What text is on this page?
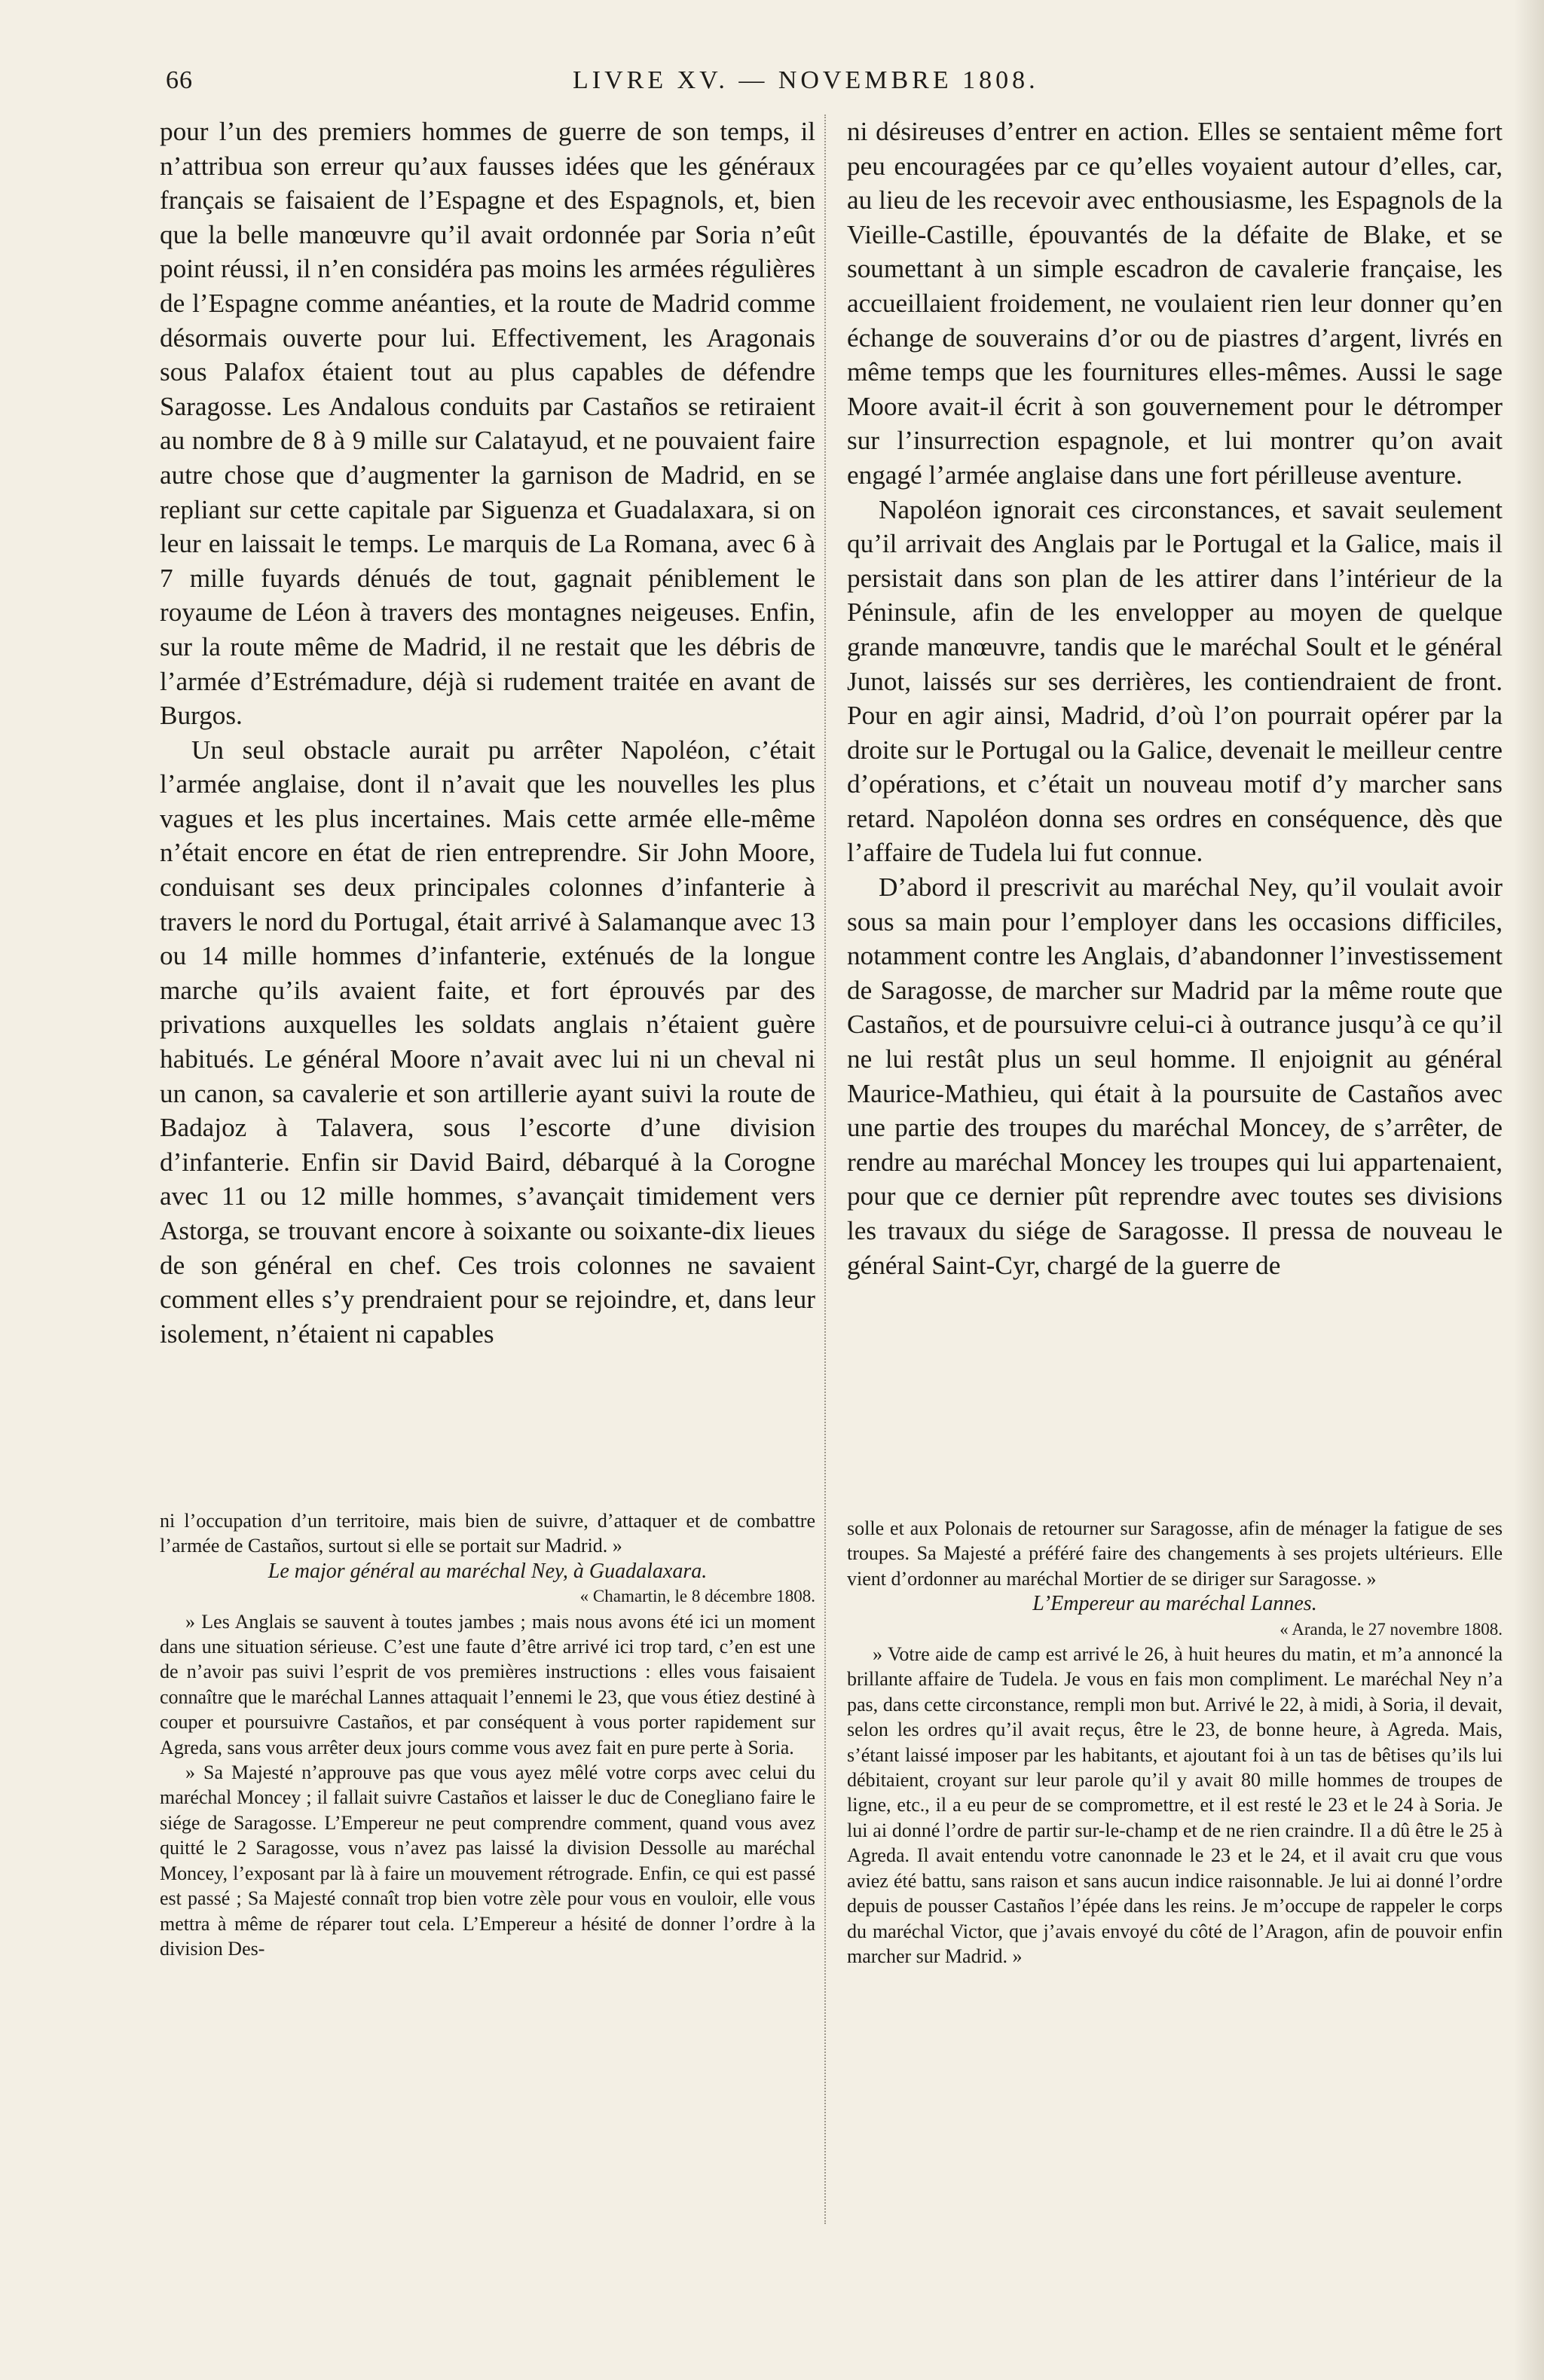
66	LIVRE XV. — NOVEMBRE 1808.

pour l’un des premiers hommes de guerre de son temps, il n’attribua son erreur qu’aux fausses idées que les généraux français se faisaient de l’Espagne et des Espagnols, et, bien que la belle manœuvre qu’il avait ordonnée par Soria n’eût point réussi, il n’en considéra pas moins les armées régulières de l’Espagne comme anéanties, et la route de Madrid comme désormais ouverte pour lui. Effectivement, les Aragonais sous Palafox étaient tout au plus capables de défendre Saragosse. Les Andalous conduits par Castaños se retiraient au nombre de 8 à 9 mille sur Calatayud, et ne pouvaient faire autre chose que d’augmenter la garnison de Madrid, en se repliant sur cette capitale par Siguenza et Guadalaxara, si on leur en laissait le temps. Le marquis de La Romana, avec 6 à 7 mille fuyards dénués de tout, gagnait péniblement le royaume de Léon à travers des montagnes neigeuses. Enfin, sur la route même de Madrid, il ne restait que les débris de l’armée d’Estrémadure, déjà si rudement traitée en avant de Burgos.

Un seul obstacle aurait pu arrêter Napoléon, c’était l’armée anglaise, dont il n’avait que les nouvelles les plus vagues et les plus incertaines. Mais cette armée elle-même n’était encore en état de rien entreprendre. Sir John Moore, conduisant ses deux principales colonnes d’infanterie à travers le nord du Portugal, était arrivé à Salamanque avec 13 ou 14 mille hommes d’infanterie, exténués de la longue marche qu’ils avaient faite, et fort éprouvés par des privations auxquelles les soldats anglais n’étaient guère habitués. Le général Moore n’avait avec lui ni un cheval ni un canon, sa cavalerie et son artillerie ayant suivi la route de Badajoz à Talavera, sous l’escorte d’une division d’infanterie. Enfin sir David Baird, débarqué à la Corogne avec 11 ou 12 mille hommes, s’avançait timidement vers Astorga, se trouvant encore à soixante ou soixante-dix lieues de son général en chef. Ces trois colonnes ne savaient comment elles s’y prendraient pour se rejoindre, et, dans leur isolement, n’étaient ni capables

ni désireuses d’entrer en action. Elles se sentaient même fort peu encouragées par ce qu’elles voyaient autour d’elles, car, au lieu de les recevoir avec enthousiasme, les Espagnols de la Vieille-Castille, épouvantés de la défaite de Blake, et se soumettant à un simple escadron de cavalerie française, les accueillaient froidement, ne voulaient rien leur donner qu’en échange de souverains d’or ou de piastres d’argent, livrés en même temps que les fournitures elles-mêmes. Aussi le sage Moore avait-il écrit à son gouvernement pour le détromper sur l’insurrection espagnole, et lui montrer qu’on avait engagé l’armée anglaise dans une fort périlleuse aventure.

Napoléon ignorait ces circonstances, et savait seulement qu’il arrivait des Anglais par le Portugal et la Galice, mais il persistait dans son plan de les attirer dans l’intérieur de la Péninsule, afin de les envelopper au moyen de quelque grande manœuvre, tandis que le maréchal Soult et le général Junot, laissés sur ses derrières, les contiendraient de front. Pour en agir ainsi, Madrid, d’où l’on pourrait opérer par la droite sur le Portugal ou la Galice, devenait le meilleur centre d’opérations, et c’était un nouveau motif d’y marcher sans retard. Napoléon donna ses ordres en conséquence, dès que l’affaire de Tudela lui fut connue.

D’abord il prescrivit au maréchal Ney, qu’il voulait avoir sous sa main pour l’employer dans les occasions difficiles, notamment contre les Anglais, d’abandonner l’investissement de Saragosse, de marcher sur Madrid par la même route que Castaños, et de poursuivre celui-ci à outrance jusqu’à ce qu’il ne lui restât plus un seul homme. Il enjoignit au général Maurice-Mathieu, qui était à la poursuite de Castaños avec une partie des troupes du maréchal Moncey, de s’arrêter, de rendre au maréchal Moncey les troupes qui lui appartenaient, pour que ce dernier pût reprendre avec toutes ses divisions les travaux du siége de Saragosse. Il pressa de nouveau le général Saint-Cyr, chargé de la guerre de

ni l’occupation d’un territoire, mais bien de suivre, d’attaquer et de combattre l’armée de Castaños, surtout si elle se portait sur Madrid. »

Le major général au maréchal Ney, à Guadalaxara.

« Chamartin, le 8 décembre 1808.

» Les Anglais se sauvent à toutes jambes ; mais nous avons été ici un moment dans une situation sérieuse. C’est une faute d’être arrivé ici trop tard, c’en est une de n’avoir pas suivi l’esprit de vos premières instructions : elles vous faisaient connaître que le maréchal Lannes attaquait l’ennemi le 23, que vous étiez destiné à couper et poursuivre Castaños, et par conséquent à vous porter rapidement sur Agreda, sans vous arrêter deux jours comme vous avez fait en pure perte à Soria.

» Sa Majesté n’approuve pas que vous ayez mêlé votre corps avec celui du maréchal Moncey ; il fallait suivre Castaños et laisser le duc de Conegliano faire le siége de Saragosse. L’Empereur ne peut comprendre comment, quand vous avez quitté le 2 Saragosse, vous n’avez pas laissé la division Dessolle au maréchal Moncey, l’exposant par là à faire un mouvement rétrograde. Enfin, ce qui est passé est passé ; Sa Majesté connaît trop bien votre zèle pour vous en vouloir, elle vous mettra à même de réparer tout cela. L’Empereur a hésité de donner l’ordre à la division Des-

solle et aux Polonais de retourner sur Saragosse, afin de ménager la fatigue de ses troupes. Sa Majesté a préféré faire des changements à ses projets ultérieurs. Elle vient d’ordonner au maréchal Mortier de se diriger sur Saragosse. »

L’Empereur au maréchal Lannes.

« Aranda, le 27 novembre 1808.

» Votre aide de camp est arrivé le 26, à huit heures du matin, et m’a annoncé la brillante affaire de Tudela. Je vous en fais mon compliment. Le maréchal Ney n’a pas, dans cette circonstance, rempli mon but. Arrivé le 22, à midi, à Soria, il devait, selon les ordres qu’il avait reçus, être le 23, de bonne heure, à Agreda. Mais, s’étant laissé imposer par les habitants, et ajoutant foi à un tas de bêtises qu’ils lui débitaient, croyant sur leur parole qu’il y avait 80 mille hommes de troupes de ligne, etc., il a eu peur de se compromettre, et il est resté le 23 et le 24 à Soria. Je lui ai donné l’ordre de partir sur-le-champ et de ne rien craindre. Il a dû être le 25 à Agreda. Il avait entendu votre canonnade le 23 et le 24, et il avait cru que vous aviez été battu, sans raison et sans aucun indice raisonnable. Je lui ai donné l’ordre depuis de pousser Castaños l’épée dans les reins. Je m’occupe de rappeler le corps du maréchal Victor, que j’avais envoyé du côté de l’Aragon, afin de pouvoir enfin marcher sur Madrid. »
